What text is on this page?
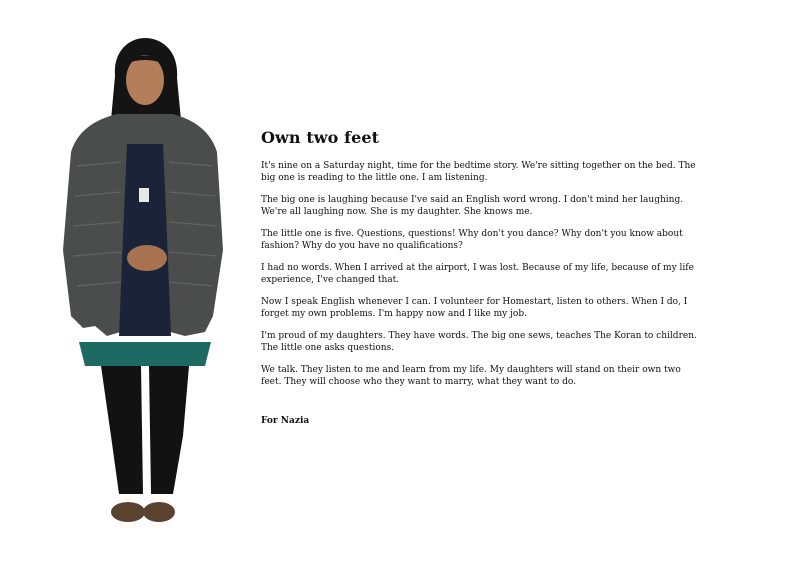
Own two feet

It's nine on a Saturday night, time for the bedtime story. We're sitting together on the bed. The big one is reading to the little one. I am listening.

The big one is laughing because I've said an English word wrong. I don't mind her laughing. We're all laughing now. She is my daughter. She knows me.

The little one is five. Questions, questions! Why don't you dance? Why don't you know about fashion? Why do you have no qualifications?

I had no words. When I arrived at the airport, I was lost. Because of my life, because of my life experience, I've changed that.

Now I speak English whenever I can. I volunteer for Homestart, listen to others. When I do, I forget my own problems. I'm happy now and I like my job.

I'm proud of my daughters. They have words. The big one sews, teaches The Koran to children. The little one asks questions.

We talk. They listen to me and learn from my life. My daughters will stand on their own two feet. They will choose who they want to marry, what they want to do.

For Nazia
